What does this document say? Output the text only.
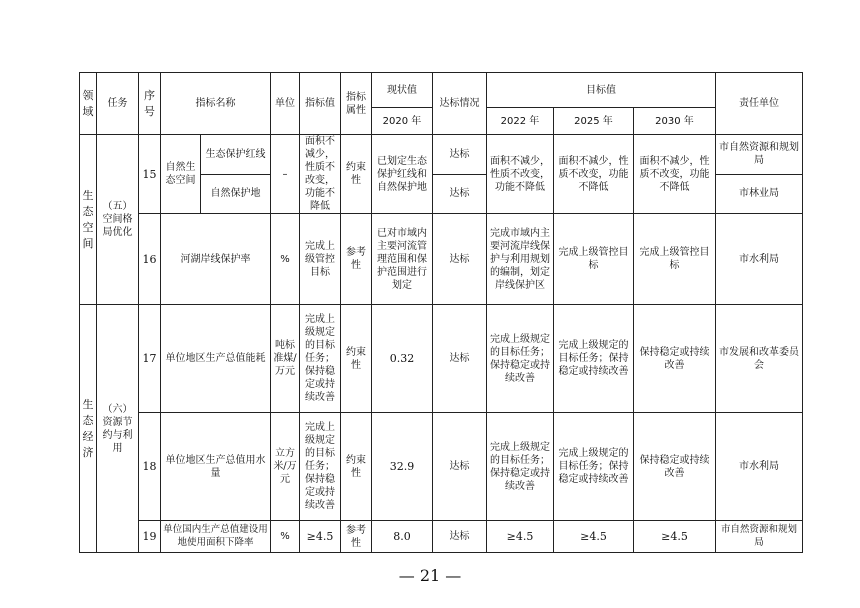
领域	任务	序号	指标名称		单位	指标值	指标属性	现状值	达标情况	目标值			责任单位
								2020 年		2022 年	2025 年	2030 年	

生态空间	（五）空间格局优化	15	自然生态空间	生态保护红线	–	面积不减少，性质不改变，功能不降低	约束性	已划定生态保护红线和自然保护地	达标	面积不减少，性质不改变，功能不降低	面积不减少，性质不改变，功能不降低	面积不减少，性质不改变，功能不降低	市自然资源和规划局
				自然保护地					达标				市林业局
		16	河湖岸线保护率		%	完成上级管控目标	参考性	已对市域内主要河流管理范围和保护范围进行划定	达标	完成市域内主要河流岸线保护与利用规划的编制，划定岸线保护区	完成上级管控目标	完成上级管控目标	市水利局

生态经济	（六）资源节约与利用	17	单位地区生产总值能耗		吨标准煤/万元	完成上级规定的目标任务；保持稳定或持续改善	约束性	0.32	达标	完成上级规定的目标任务；保持稳定或持续改善	完成上级规定的目标任务；保持稳定或持续改善	保持稳定或持续改善	市发展和改革委员会
		18	单位地区生产总值用水量		立方米/万元	完成上级规定的目标任务；保持稳定或持续改善	约束性	32.9	达标	完成上级规定的目标任务；保持稳定或持续改善	完成上级规定的目标任务；保持稳定或持续改善	保持稳定或持续改善	市水利局
		19	单位国内生产总值建设用地使用面积下降率		%	≥4.5	参考性	8.0	达标	≥4.5	≥4.5	≥4.5	市自然资源和规划局
— 21 —
